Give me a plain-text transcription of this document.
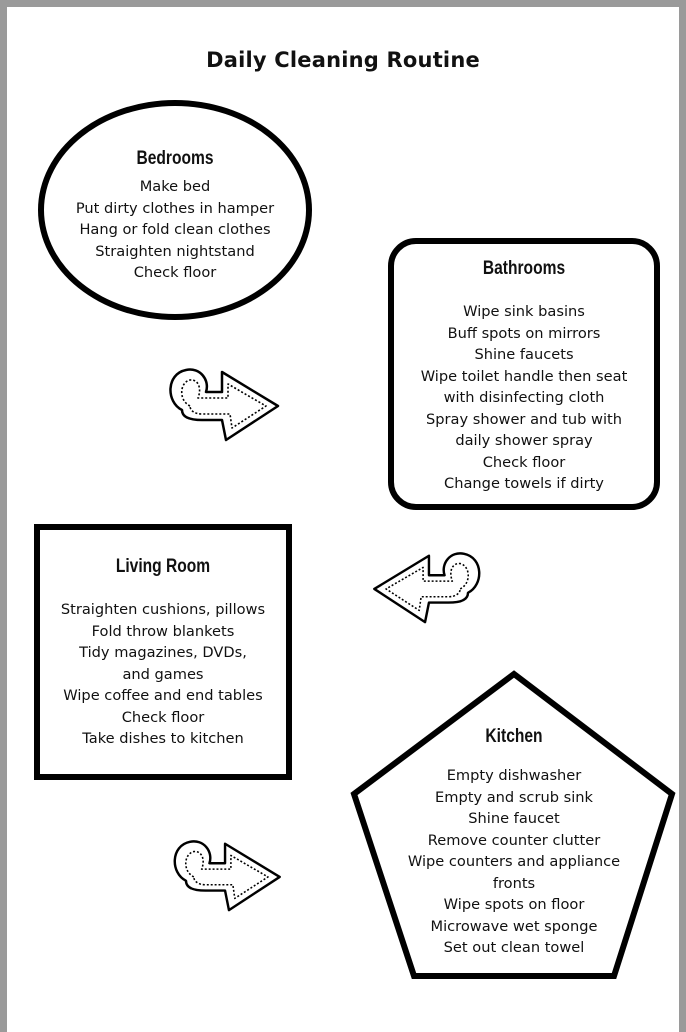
Daily Cleaning Routine
Bedrooms
Make bed
Put dirty clothes in hamper
Hang or fold clean clothes
Straighten nightstand
Check floor	Bathrooms
Wipe sink basins
Buff spots on mirrors
Shine faucets
Wipe toilet handle then seat
with disinfecting cloth
Spray shower and tub with
daily shower spray
Check floor
Change towels if dirty
Living Room
Straighten cushions, pillows
Fold throw blankets
Tidy magazines, DVDs,
and games
Wipe coffee and end tables
Check floor
Take dishes to kitchen	Kitchen
Empty dishwasher
Empty and scrub sink
Shine faucet
Remove counter clutter
Wipe counters and appliance
fronts
Wipe spots on floor
Microwave wet sponge
Set out clean towel
